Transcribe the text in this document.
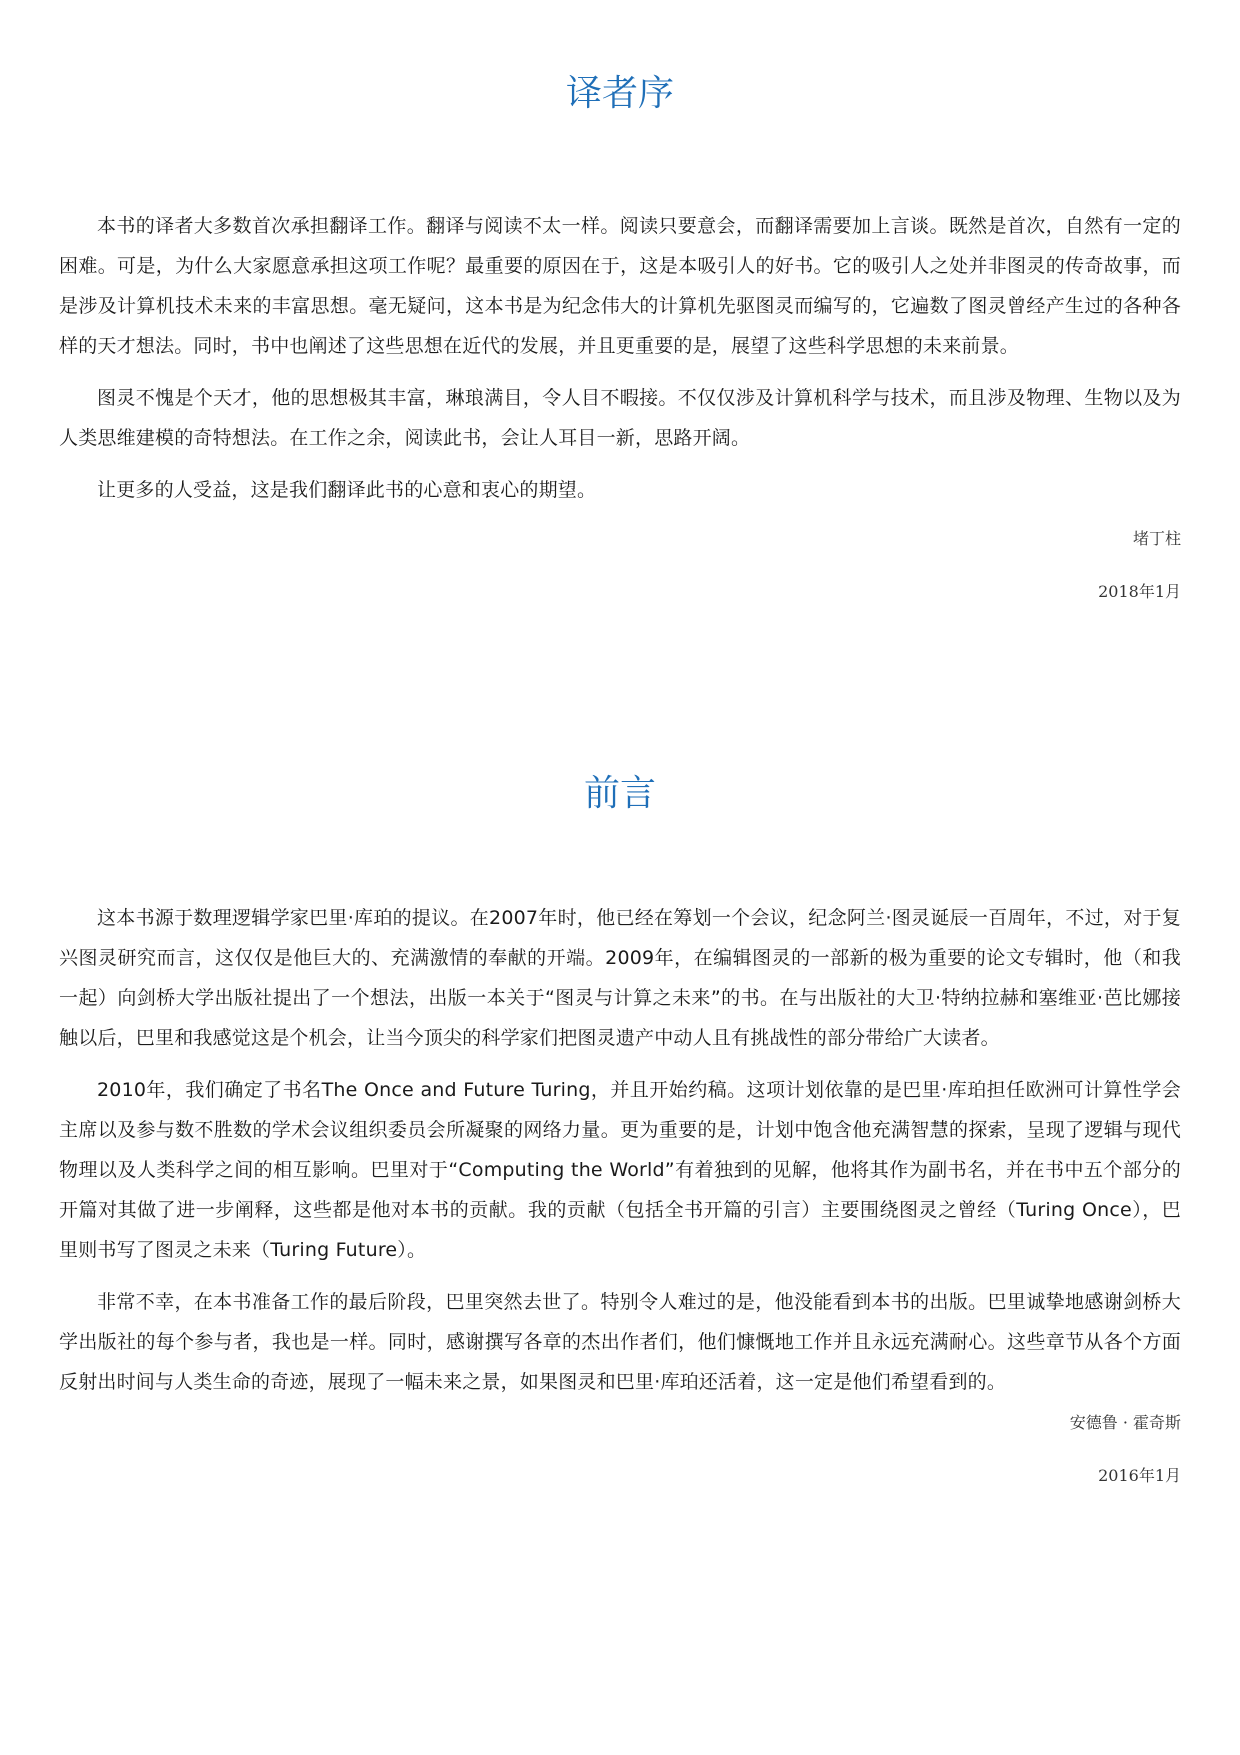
译者序

本书的译者大多数首次承担翻译工作。翻译与阅读不太一样。阅读只要意会，而翻译需要加上言谈。既然是首次，自然有一定的困难。可是，为什么大家愿意承担这项工作呢？最重要的原因在于，这是本吸引人的好书。它的吸引人之处并非图灵的传奇故事，而是涉及计算机技术未来的丰富思想。毫无疑问，这本书是为纪念伟大的计算机先驱图灵而编写的，它遍数了图灵曾经产生过的各种各样的天才想法。同时，书中也阐述了这些思想在近代的发展，并且更重要的是，展望了这些科学思想的未来前景。

图灵不愧是个天才，他的思想极其丰富，琳琅满目，令人目不暇接。不仅仅涉及计算机科学与技术，而且涉及物理、生物以及为人类思维建模的奇特想法。在工作之余，阅读此书，会让人耳目一新，思路开阔。

让更多的人受益，这是我们翻译此书的心意和衷心的期望。

堵丁柱

2018年1月

前言

这本书源于数理逻辑学家巴里·库珀的提议。在2007年时，他已经在筹划一个会议，纪念阿兰·图灵诞辰一百周年，不过，对于复兴图灵研究而言，这仅仅是他巨大的、充满激情的奉献的开端。2009年，在编辑图灵的一部新的极为重要的论文专辑时，他（和我一起）向剑桥大学出版社提出了一个想法，出版一本关于“图灵与计算之未来”的书。在与出版社的大卫·特纳拉赫和塞维亚·芭比娜接触以后，巴里和我感觉这是个机会，让当今顶尖的科学家们把图灵遗产中动人且有挑战性的部分带给广大读者。

2010年，我们确定了书名The Once and Future Turing，并且开始约稿。这项计划依靠的是巴里·库珀担任欧洲可计算性学会主席以及参与数不胜数的学术会议组织委员会所凝聚的网络力量。更为重要的是，计划中饱含他充满智慧的探索，呈现了逻辑与现代物理以及人类科学之间的相互影响。巴里对于“Computing the World”有着独到的见解，他将其作为副书名，并在书中五个部分的开篇对其做了进一步阐释，这些都是他对本书的贡献。我的贡献（包括全书开篇的引言）主要围绕图灵之曾经（Turing Once），巴里则书写了图灵之未来（Turing Future）。

非常不幸，在本书准备工作的最后阶段，巴里突然去世了。特别令人难过的是，他没能看到本书的出版。巴里诚挚地感谢剑桥大学出版社的每个参与者，我也是一样。同时，感谢撰写各章的杰出作者们，他们慷慨地工作并且永远充满耐心。这些章节从各个方面反射出时间与人类生命的奇迹，展现了一幅未来之景，如果图灵和巴里·库珀还活着，这一定是他们希望看到的。

安德鲁 · 霍奇斯

2016年1月
